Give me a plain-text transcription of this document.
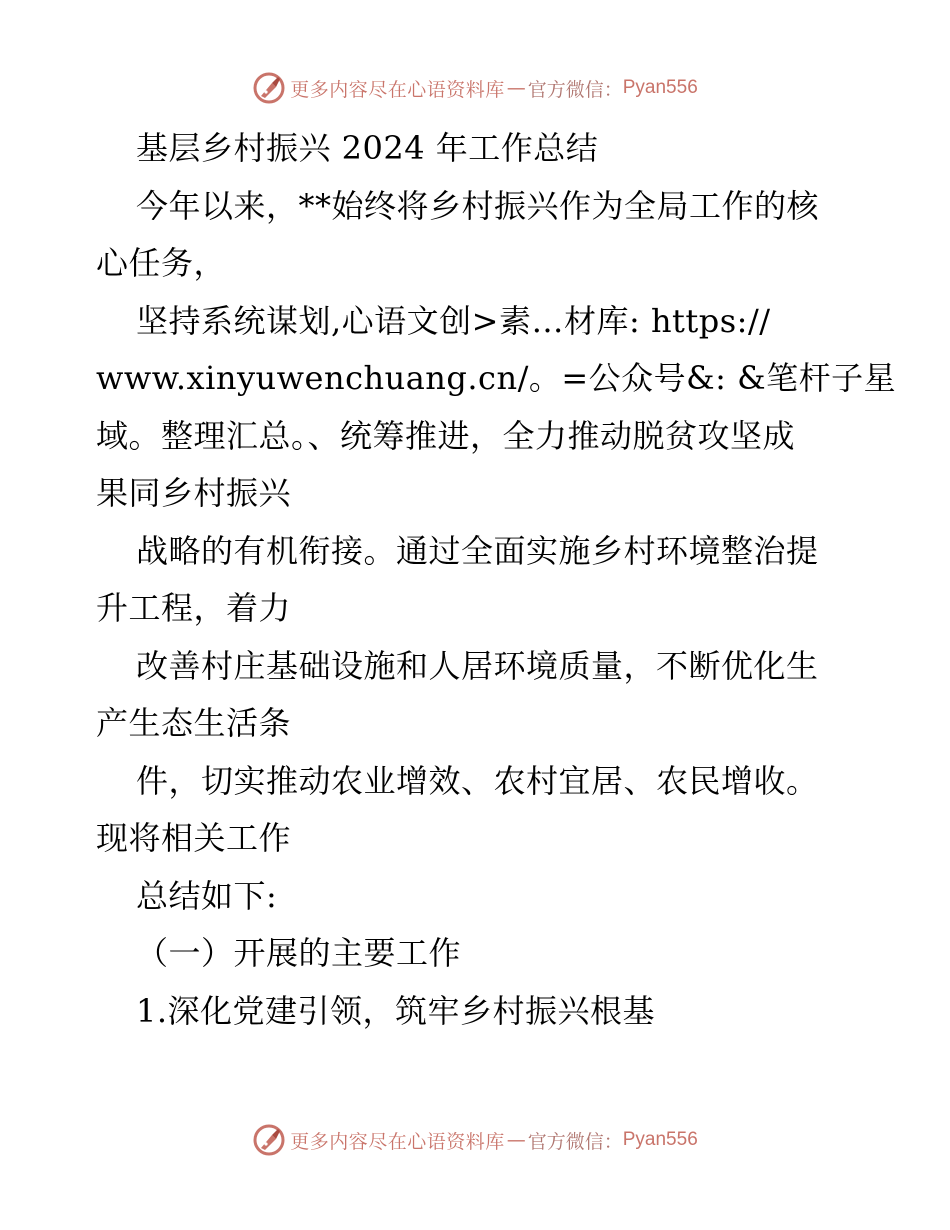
更多内容尽在心语资料库 — 官方微信： Pyan556
基层乡村振兴 2024 年工作总结
今年以来，**始终将乡村振兴作为全局工作的核
心任务，
坚持系统谋划,心语文创>素…材库: https://
www.xinyuwenchuang.cn/。=公众号&: &笔杆子星
域。整理汇总。、统筹推进，全力推动脱贫攻坚成
果同乡村振兴
战略的有机衔接。通过全面实施乡村环境整治提
升工程，着力
改善村庄基础设施和人居环境质量，不断优化生
产生态生活条
件，切实推动农业增效、农村宜居、农民增收。
现将相关工作
总结如下:
（一）开展的主要工作
1.深化党建引领，筑牢乡村振兴根基
更多内容尽在心语资料库 — 官方微信： Pyan556
